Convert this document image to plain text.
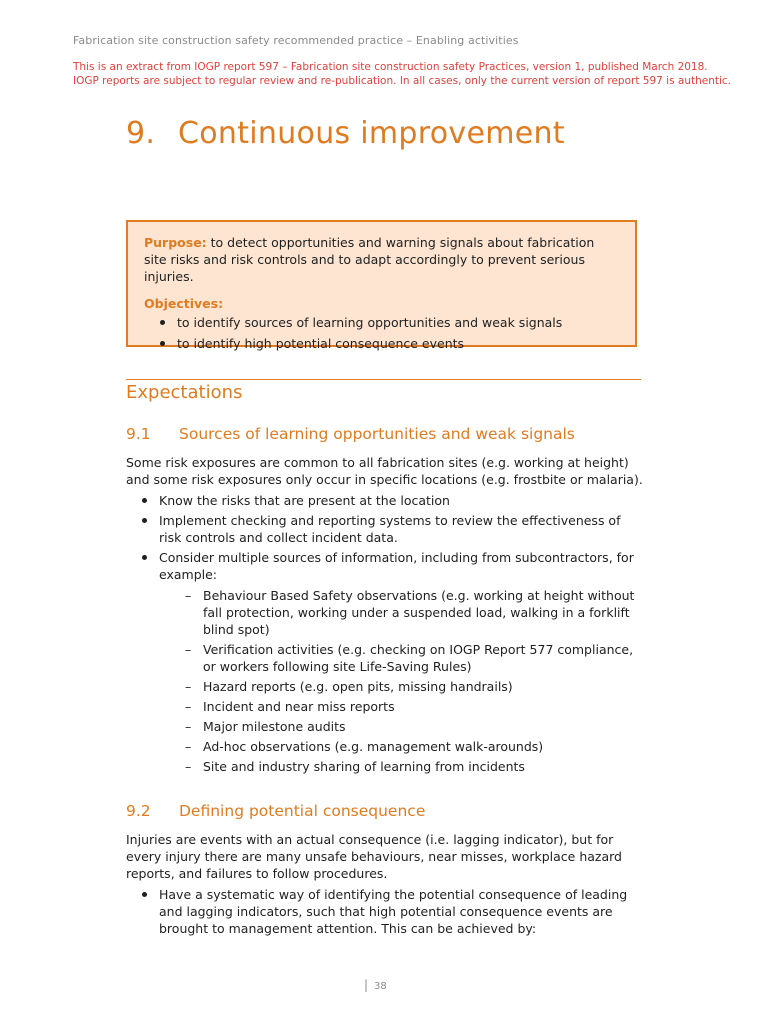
Fabrication site construction safety recommended practice – Enabling activities
This is an extract from IOGP report 597 – Fabrication site construction safety Practices, version 1, published March 2018.
IOGP reports are subject to regular review and re-publication. In all cases, only the current version of report 597 is authentic.
9. Continuous improvement

Purpose: to detect opportunities and warning signals about fabrication site risks and risk controls and to adapt accordingly to prevent serious injuries.

Objectives:

to identify sources of learning opportunities and weak signals
to identify high potential consequence events
Expectations
9.1 Sources of learning opportunities and weak signals

Some risk exposures are common to all fabrication sites (e.g. working at height) and some risk exposures only occur in specific locations (e.g. frostbite or malaria).

Know the risks that are present at the location
Implement checking and reporting systems to review the effectiveness of risk controls and collect incident data.
Consider multiple sources of information, including from subcontractors, for example:
– Behaviour Based Safety observations (e.g. working at height without fall protection, working under a suspended load, walking in a forklift blind spot)
– Verification activities (e.g. checking on IOGP Report 577 compliance, or workers following site Life-Saving Rules)
– Hazard reports (e.g. open pits, missing handrails)
– Incident and near miss reports
– Major milestone audits
– Ad-hoc observations (e.g. management walk-arounds)
– Site and industry sharing of learning from incidents
9.2 Defining potential consequence

Injuries are events with an actual consequence (i.e. lagging indicator), but for every injury there are many unsafe behaviours, near misses, workplace hazard reports, and failures to follow procedures.

Have a systematic way of identifying the potential consequence of leading and lagging indicators, such that high potential consequence events are brought to management attention. This can be achieved by:
| 38
